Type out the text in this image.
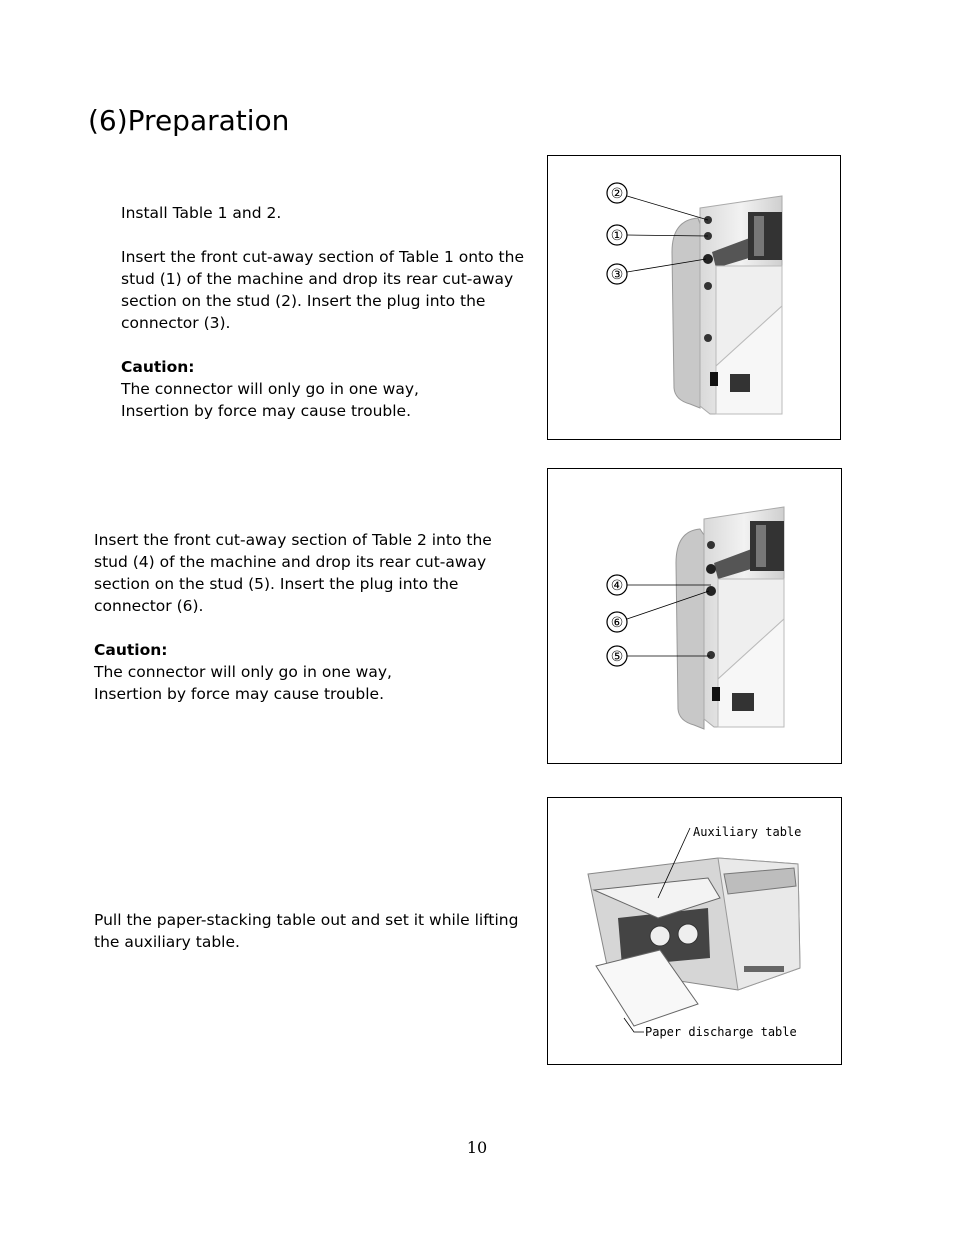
(6)Preparation

Install Table 1 and 2.

Insert the front cut-away section of Table 1 onto the

stud (1) of the machine and drop its rear cut-away

section on the stud (2). Insert the plug into the

connector (3).

Caution:

The connector will only go in one way,

Insertion by force may cause trouble.

②
①
③

Insert the front cut-away section of Table 2 into the

stud (4) of the machine and drop its rear cut-away

section on the stud (5). Insert the plug into the

connector (6).

Caution:

The connector will only go in one way,

Insertion by force may cause trouble.

④
⑥
⑤

Pull the paper-stacking table out and set it while lifting

the auxiliary table.

Auxiliary table
Paper discharge table
10
